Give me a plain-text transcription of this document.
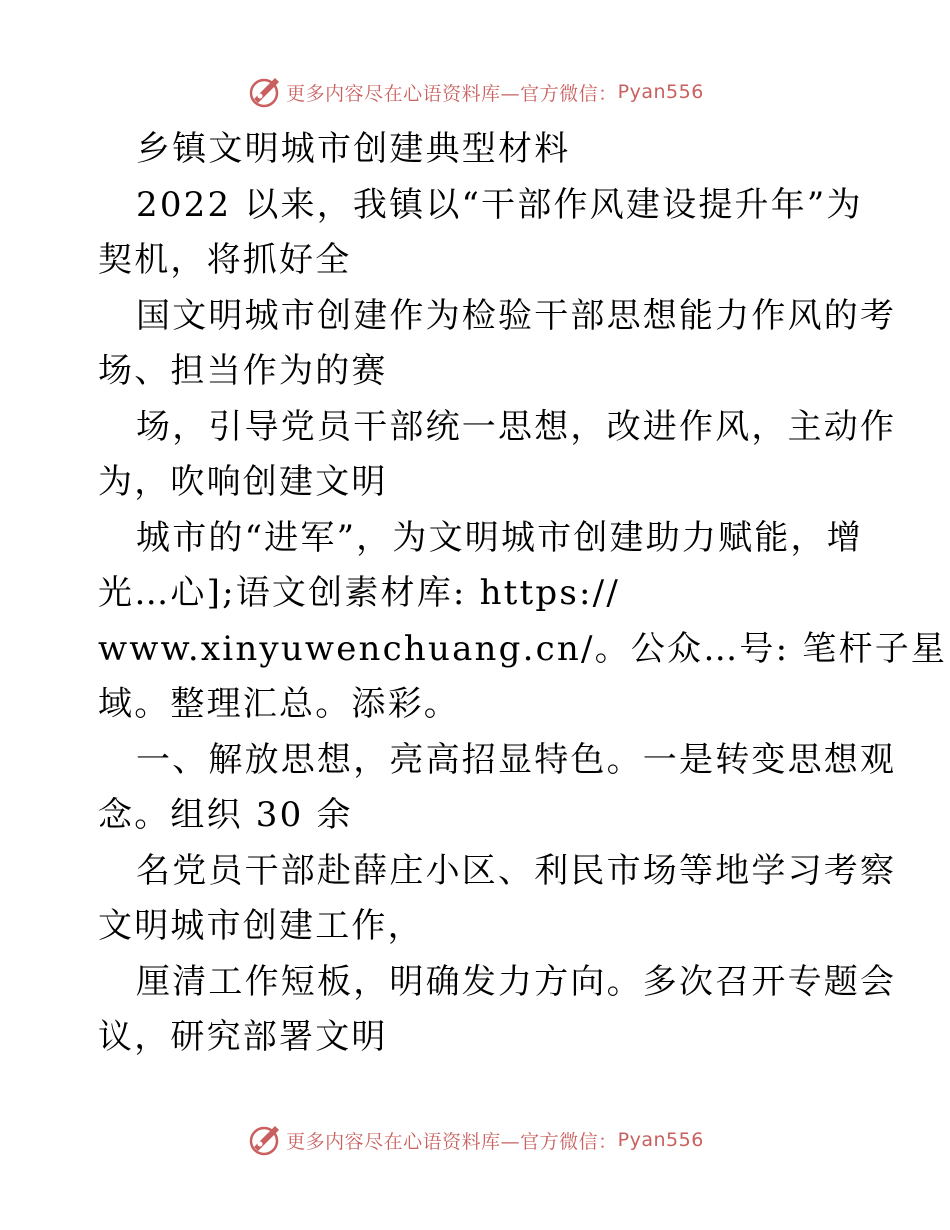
更多内容尽在心语资料库—官方微信： Pyan556
乡镇文明城市创建典型材料
2022 以来，我镇以“干部作风建设提升年”为
契机，将抓好全
国文明城市创建作为检验干部思想能力作风的考
场、担当作为的赛
场，引导党员干部统一思想，改进作风，主动作
为，吹响创建文明
城市的“进军”，为文明城市创建助力赋能，增
光…心];语文创素材库: https://
www.xinyuwenchuang.cn/。公众…号: 笔杆子星
域。整理汇总。添彩。
一、解放思想，亮高招显特色。一是转变思想观
念。组织 30 余
名党员干部赴薛庄小区、利民市场等地学习考察
文明城市创建工作，
厘清工作短板，明确发力方向。多次召开专题会
议，研究部署文明
更多内容尽在心语资料库—官方微信： Pyan556
